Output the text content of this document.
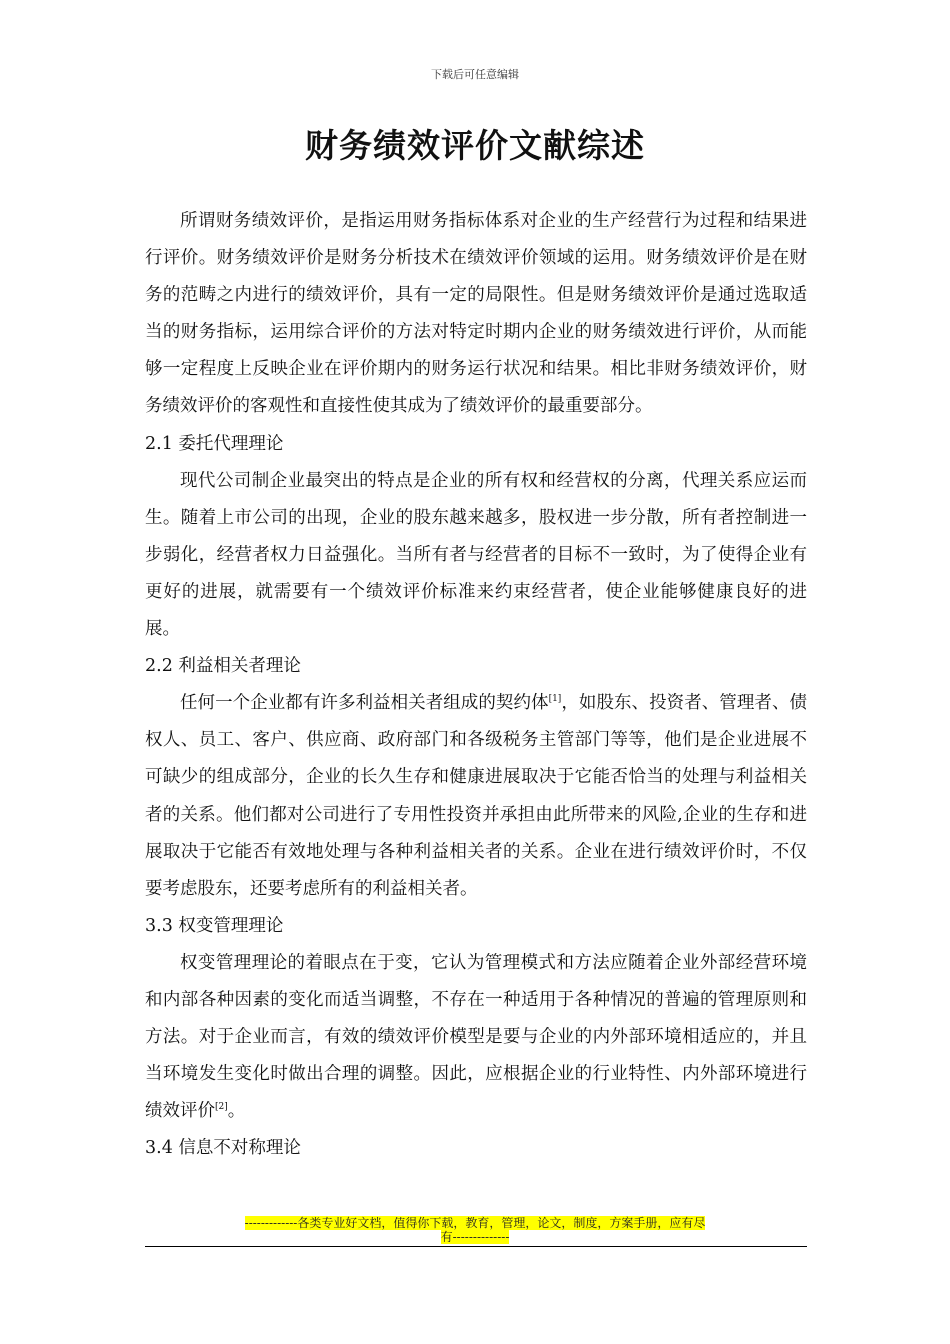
下载后可任意编辑
财务绩效评价文献综述

所谓财务绩效评价，是指运用财务指标体系对企业的生产经营行为过程和结果进行评价。财务绩效评价是财务分析技术在绩效评价领域的运用。财务绩效评价是在财务的范畴之内进行的绩效评价，具有一定的局限性。但是财务绩效评价是通过选取适当的财务指标，运用综合评价的方法对特定时期内企业的财务绩效进行评价，从而能够一定程度上反映企业在评价期内的财务运行状况和结果。相比非财务绩效评价，财务绩效评价的客观性和直接性使其成为了绩效评价的最重要部分。

2.1 委托代理理论

现代公司制企业最突出的特点是企业的所有权和经营权的分离，代理关系应运而生。随着上市公司的出现，企业的股东越来越多，股权进一步分散，所有者控制进一步弱化，经营者权力日益强化。当所有者与经营者的目标不一致时，为了使得企业有更好的进展，就需要有一个绩效评价标准来约束经营者，使企业能够健康良好的进展。

2.2 利益相关者理论

任何一个企业都有许多利益相关者组成的契约体[1]，如股东、投资者、管理者、债权人、员工、客户、供应商、政府部门和各级税务主管部门等等，他们是企业进展不可缺少的组成部分，企业的长久生存和健康进展取决于它能否恰当的处理与利益相关者的关系。他们都对公司进行了专用性投资并承担由此所带来的风险,企业的生存和进展取决于它能否有效地处理与各种利益相关者的关系。企业在进行绩效评价时，不仅要考虑股东，还要考虑所有的利益相关者。

3.3 权变管理理论

权变管理理论的着眼点在于变，它认为管理模式和方法应随着企业外部经营环境和内部各种因素的变化而适当调整，不存在一种适用于各种情况的普遍的管理原则和方法。对于企业而言，有效的绩效评价模型是要与企业的内外部环境相适应的，并且当环境发生变化时做出合理的调整。因此，应根据企业的行业特性、内外部环境进行绩效评价[2]。

3.4 信息不对称理论

-------------各类专业好文档，值得你下载，教育，管理，论文，制度，方案手册，应有尽
有--------------
